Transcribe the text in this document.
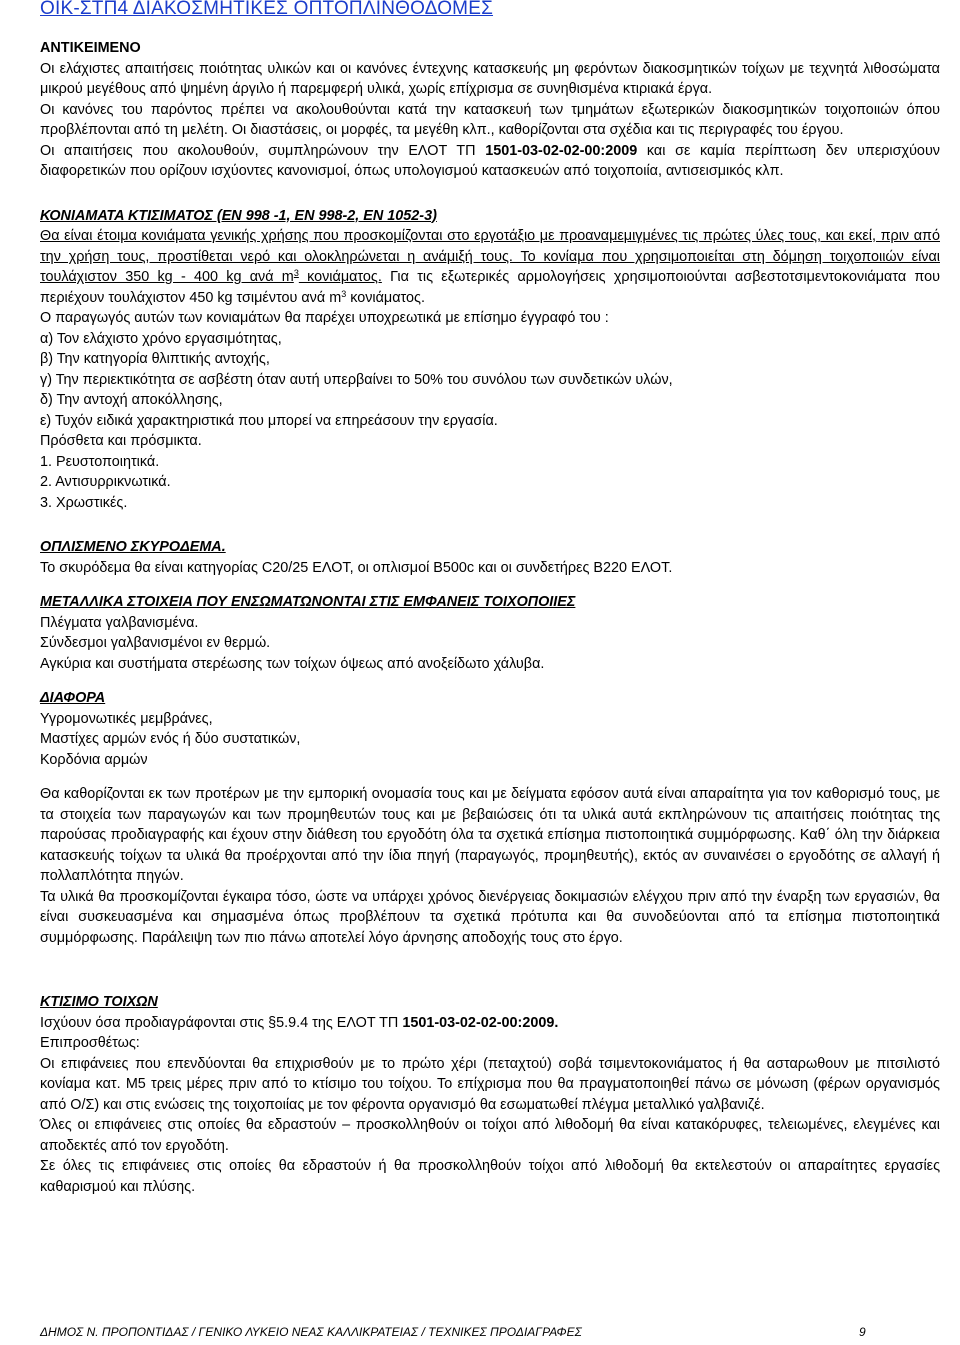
ΟΙΚ-ΣΤΠ4 ΔΙΑΚΟΣΜΗΤΙΚΕΣ ΟΠΤΟΠΛΙΝΘΟΔΟΜΕΣ

ΑΝΤΙΚΕΙΜΕΝΟ

Οι ελάχιστες απαιτήσεις ποιότητας υλικών και οι κανόνες έντεχνης κατασκευής μη φερόντων διακοσμητικών τοίχων με τεχνητά λιθοσώματα μικρού μεγέθους από ψημένη άργιλο ή παρεμφερή υλικά, χωρίς επίχρισμα σε συνηθισμένα κτιριακά έργα.

Οι κανόνες του παρόντος πρέπει να ακολουθούνται κατά την κατασκευή των τμημάτων εξωτερικών διακοσμητικών τοιχοποιιών όπου προβλέπονται από τη μελέτη. Οι διαστάσεις, οι μορφές, τα μεγέθη κλπ., καθορίζονται στα σχέδια και τις περιγραφές του έργου.

Οι απαιτήσεις που ακολουθούν, συμπληρώνουν την ΕΛΟΤ ΤΠ 1501-03-02-02-00:2009 και σε καμία περίπτωση δεν υπερισχύουν διαφορετικών που ορίζουν ισχύοντες κανονισμοί, όπως υπολογισμού κατασκευών από τοιχοποιία, αντισεισμικός κλπ.

ΚΟΝΙΑΜΑΤΑ ΚΤΙΣΙΜΑΤΟΣ (ΕΝ 998 -1, ΕΝ 998-2, ΕΝ 1052-3)

Θα είναι έτοιμα κονιάματα γενικής χρήσης που προσκομίζονται στο εργοτάξιο με προαναμεμιγμένες τις πρώτες ύλες τους, και εκεί, πριν από την χρήση τους, προστίθεται νερό και ολοκληρώνεται η ανάμιξή τους. Το κονίαμα που χρησιμοποιείται στη δόμηση τοιχοποιιών είναι τουλάχιστον 350 kg - 400 kg ανά $m^3$ κονιάματος. Για τις εξωτερικές αρμολογήσεις χρησιμοποιούνται ασβεστοτσιμεντοκονιάματα που περιέχουν τουλάχιστον 450 kg τσιμέντου ανά $m^3$ κονιάματος.

Ο παραγωγός αυτών των κονιαμάτων θα παρέχει υποχρεωτικά με επίσημο έγγραφό του :

α) Τον ελάχιστο χρόνο εργασιμότητας,

β) Την κατηγορία θλιπτικής αντοχής,

γ) Την περιεκτικότητα σε ασβέστη όταν αυτή υπερβαίνει το 50% του συνόλου των συνδετικών υλών,

δ) Την αντοχή αποκόλλησης,

ε) Τυχόν ειδικά χαρακτηριστικά που μπορεί να επηρεάσουν την εργασία.

Πρόσθετα και πρόσμικτα.

1. Ρευστοποιητικά.

2. Αντισυρρικνωτικά.

3. Χρωστικές.

ΟΠΛΙΣΜΕΝΟ ΣΚΥΡΟΔΕΜΑ.

Το σκυρόδεμα θα είναι κατηγορίας C20/25 ΕΛΟΤ, οι οπλισμοί B500c και οι συνδετήρες B220 ΕΛΟΤ.

ΜΕΤΑΛΛΙΚΑ ΣΤΟΙΧΕΙΑ ΠΟΥ ΕΝΣΩΜΑΤΩΝΟΝΤΑΙ ΣΤΙΣ ΕΜΦΑΝΕΙΣ ΤΟΙΧΟΠΟΙΙΕΣ

Πλέγματα γαλβανισμένα.

Σύνδεσμοι γαλβανισμένοι εν θερμώ.

Αγκύρια και συστήματα στερέωσης των τοίχων όψεως από ανοξείδωτο χάλυβα.

ΔΙΑΦΟΡΑ

Υγρομονωτικές μεμβράνες,

Μαστίχες αρμών ενός ή δύο συστατικών,

Κορδόνια αρμών

Θα καθορίζονται εκ των προτέρων με την εμπορική ονομασία τους και με δείγματα εφόσον αυτά είναι απαραίτητα για τον καθορισμό τους, με τα στοιχεία των παραγωγών και των προμηθευτών τους και με βεβαιώσεις ότι τα υλικά αυτά εκπληρώνουν τις απαιτήσεις ποιότητας της παρούσας προδιαγραφής και έχουν στην διάθεση του εργοδότη όλα τα σχετικά επίσημα πιστοποιητικά συμμόρφωσης. Καθ΄ όλη την διάρκεια κατασκευής τοίχων τα υλικά θα προέρχονται από την ίδια πηγή (παραγωγός, προμηθευτής), εκτός αν συναινέσει ο εργοδότης σε αλλαγή ή πολλαπλότητα πηγών.

Τα υλικά θα προσκομίζονται έγκαιρα τόσο, ώστε να υπάρχει χρόνος διενέργειας δοκιμασιών ελέγχου πριν από την έναρξη των εργασιών, θα είναι συσκευασμένα και σημασμένα όπως προβλέπουν τα σχετικά πρότυπα και θα συνοδεύονται από τα επίσημα πιστοποιητικά συμμόρφωσης. Παράλειψη των πιο πάνω αποτελεί λόγο άρνησης αποδοχής τους στο έργο.

ΚΤΙΣΙΜΟ ΤΟΙΧΩΝ

Ισχύουν όσα προδιαγράφονται στις §5.9.4 της ΕΛΟΤ ΤΠ 1501-03-02-02-00:2009.

Επιπροσθέτως:

Οι επιφάνειες που επενδύονται θα επιχρισθούν με το πρώτο χέρι (πεταχτού) σοβά τσιμεντοκονιάματος ή θα ασταρωθουν με πιτσιλιστό κονίαμα κατ. Μ5 τρεις μέρες πριν από το κτίσιμο του τοίχου. Το επίχρισμα που θα πραγματοποιηθεί πάνω σε μόνωση (φέρων οργανισμός από Ο/Σ) και στις ενώσεις της τοιχοποιίας με τον φέροντα οργανισμό θα εσωματωθεί πλέγμα μεταλλικό γαλβανιζέ.

Όλες οι επιφάνειες στις οποίες θα εδραστούν – προσκολληθούν οι τοίχοι από λιθοδομή θα είναι κατακόρυφες, τελειωμένες, ελεγμένες και αποδεκτές από τον εργοδότη.

Σε όλες τις επιφάνειες στις οποίες θα εδραστούν ή θα προσκολληθούν τοίχοι από λιθοδομή θα εκτελεστούν οι απαραίτητες εργασίες καθαρισμού και πλύσης.

ΔΗΜΟΣ Ν. ΠΡΟΠΟΝΤΙΔΑΣ / ΓΕΝΙΚΟ ΛΥΚΕΙΟ ΝΕΑΣ ΚΑΛΛΙΚΡΑΤΕΙΑΣ / ΤΕΧΝΙΚΕΣ ΠΡΟΔΙΑΓΡΑΦΕΣ	9
